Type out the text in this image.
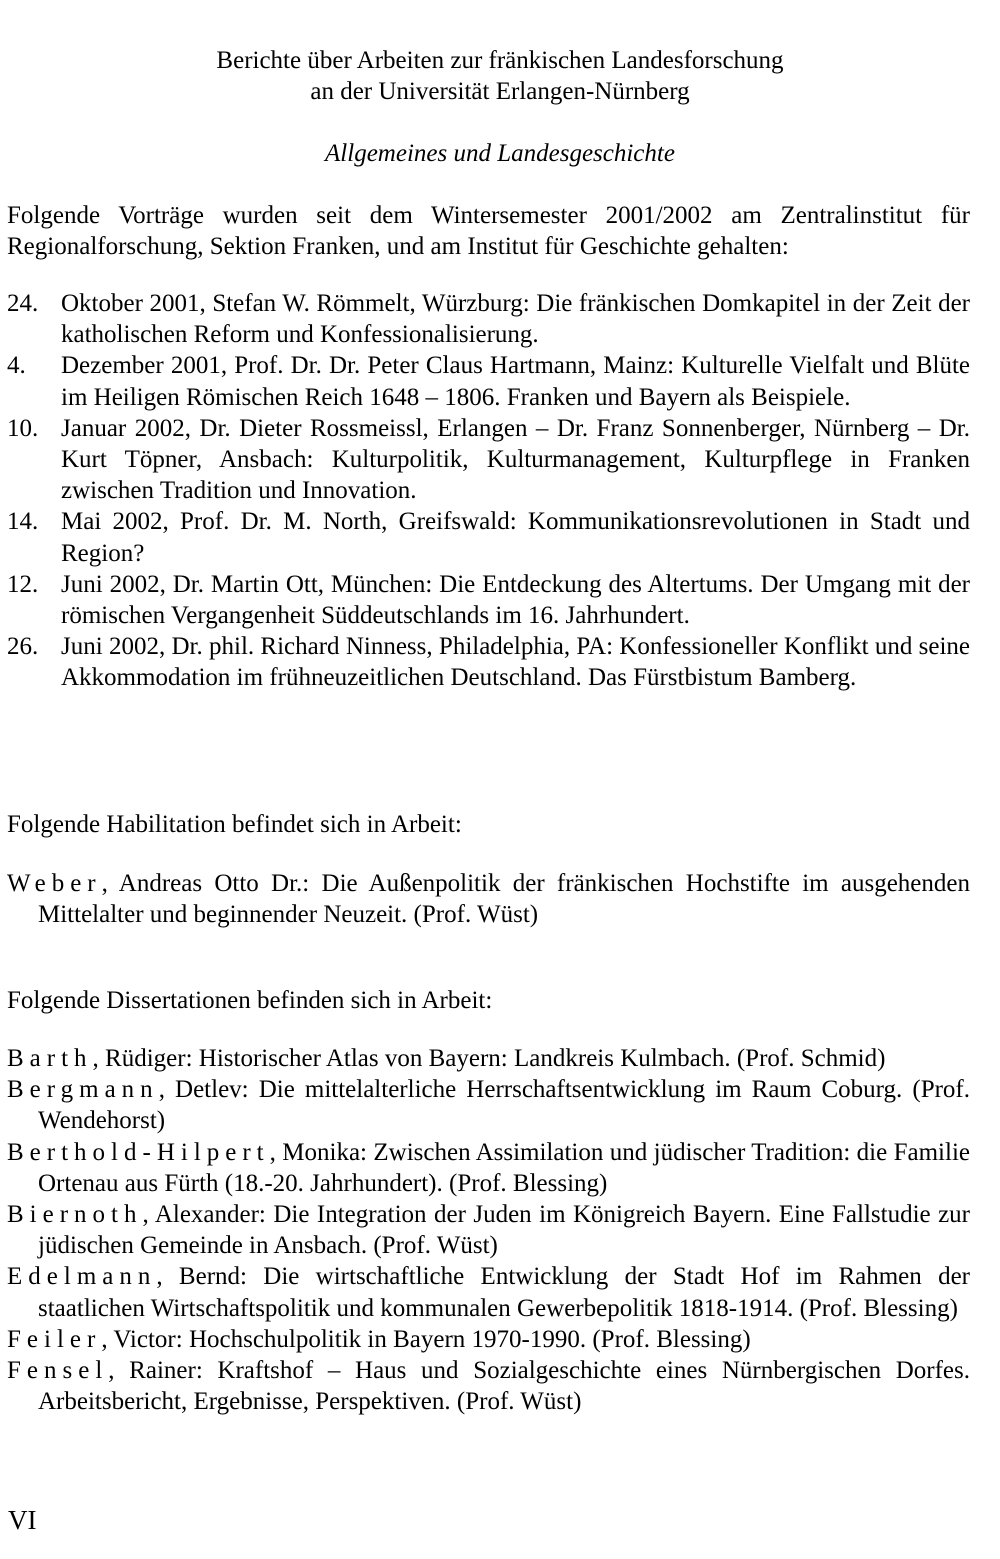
Berichte über Arbeiten zur fränkischen Landesforschung
an der Universität Erlangen-Nürnberg
Allgemeines und Landesgeschichte
Folgende Vorträge wurden seit dem Wintersemester 2001/2002 am Zentralinstitut für Regionalforschung, Sektion Franken, und am Institut für Geschichte gehalten:
24. Oktober 2001, Stefan W. Römmelt, Würzburg: Die fränkischen Domkapitel in der Zeit der katholischen Reform und Konfessionalisierung.
4.	Dezember 2001, Prof. Dr. Dr. Peter Claus Hartmann, Mainz: Kulturelle Vielfalt und Blüte im Heiligen Römischen Reich 1648 – 1806. Franken und Bayern als Beispiele.
10. Januar 2002, Dr. Dieter Rossmeissl, Erlangen – Dr. Franz Sonnenberger, Nürnberg – Dr. Kurt Töpner, Ansbach: Kulturpolitik, Kulturmanagement, Kulturpflege in Franken zwischen Tradition und Innovation.
14. Mai 2002, Prof. Dr. M. North, Greifswald: Kommunikationsrevolutionen in Stadt und Region?
12. Juni 2002, Dr. Martin Ott, München: Die Entdeckung des Altertums. Der Umgang mit der römischen Vergangenheit Süddeutschlands im 16. Jahrhundert.
26. Juni 2002, Dr. phil. Richard Ninness, Philadelphia, PA: Konfessioneller Konflikt und seine Akkommodation im frühneuzeitlichen Deutschland. Das Fürstbistum Bamberg.
Folgende Habilitation befindet sich in Arbeit:
Weber, Andreas Otto Dr.: Die Außenpolitik der fränkischen Hochstifte im ausgehenden Mittelalter und beginnender Neuzeit. (Prof. Wüst)
Folgende Dissertationen befinden sich in Arbeit:
Barth, Rüdiger: Historischer Atlas von Bayern: Landkreis Kulmbach. (Prof. Schmid)
Bergmann, Detlev: Die mittelalterliche Herrschaftsentwicklung im Raum Coburg. (Prof. Wendehorst)
Berthold-Hilpert, Monika: Zwischen Assimilation und jüdischer Tradition: die Familie Ortenau aus Fürth (18.-20. Jahrhundert). (Prof. Blessing)
Biernoth, Alexander: Die Integration der Juden im Königreich Bayern. Eine Fallstudie zur jüdischen Gemeinde in Ansbach. (Prof. Wüst)
Edelmann, Bernd: Die wirtschaftliche Entwicklung der Stadt Hof im Rahmen der staatlichen Wirtschaftspolitik und kommunalen Gewerbepolitik 1818-1914. (Prof. Blessing)
Feiler, Victor: Hochschulpolitik in Bayern 1970-1990. (Prof. Blessing)
Fensel, Rainer: Kraftshof – Haus und Sozialgeschichte eines Nürnbergischen Dorfes. Arbeitsbericht, Ergebnisse, Perspektiven. (Prof. Wüst)
VI
